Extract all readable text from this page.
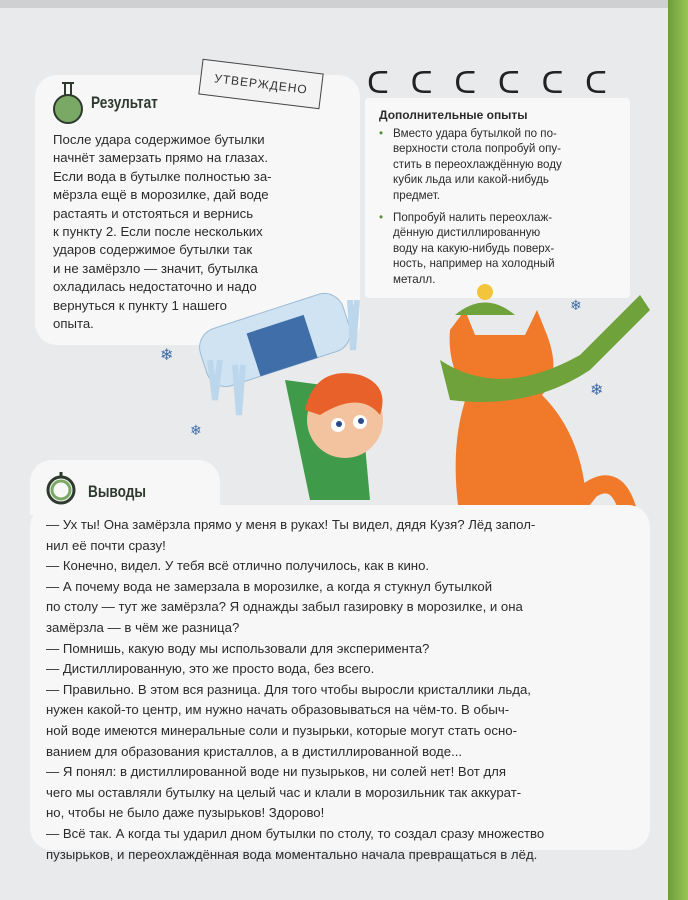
Результат
После удара содержимое бутылки
начнёт замерзать прямо на глазах.
Если вода в бутылке полностью за-
мёрзла ещё в морозилке, дай воде
растаять и отстояться и вернись
к пункту 2. Если после нескольких
ударов содержимое бутылки так
и не замёрзло — значит, бутылка
охладилась недостаточно и надо
вернуться к пункту 1 нашего
опыта.
УТВЕРЖДЕНО
Дополнительные опыты
• Вместо удара бутылкой по по-
верхности стола попробуй опу-
стить в переохлаждённую воду
кубик льда или какой-нибудь
предмет.
• Попробуй налить переохлаж-
дённую дистиллированную
воду на какую-нибудь поверх-
ность, например на холодный
металл.
ᑕ ᑕ ᑕ ᑕ ᑕ ᑕ
❄
❄
❄
❄
Выводы
— Ух ты! Она замёрзла прямо у меня в руках! Ты видел, дядя Кузя? Лёд запол-
нил её почти сразу!
— Конечно, видел. У тебя всё отлично получилось, как в кино.
— А почему вода не замерзала в морозилке, а когда я стукнул бутылкой
по столу — тут же замёрзла? Я однажды забыл газировку в морозилке, и она
замёрзла — в чём же разница?
— Помнишь, какую воду мы использовали для эксперимента?
— Дистиллированную, это же просто вода, без всего.
— Правильно. В этом вся разница. Для того чтобы выросли кристаллики льда,
нужен какой-то центр, им нужно начать образовываться на чём-то. В обыч-
ной воде имеются минеральные соли и пузырьки, которые могут стать осно-
ванием для образования кристаллов, а в дистиллированной воде...
— Я понял: в дистиллированной воде ни пузырьков, ни солей нет! Вот для
чего мы оставляли бутылку на целый час и клали в морозильник так аккурат-
но, чтобы не было даже пузырьков! Здорово!
— Всё так. А когда ты ударил дном бутылки по столу, то создал сразу множество
пузырьков, и переохлаждённая вода моментально начала превращаться в лёд.
